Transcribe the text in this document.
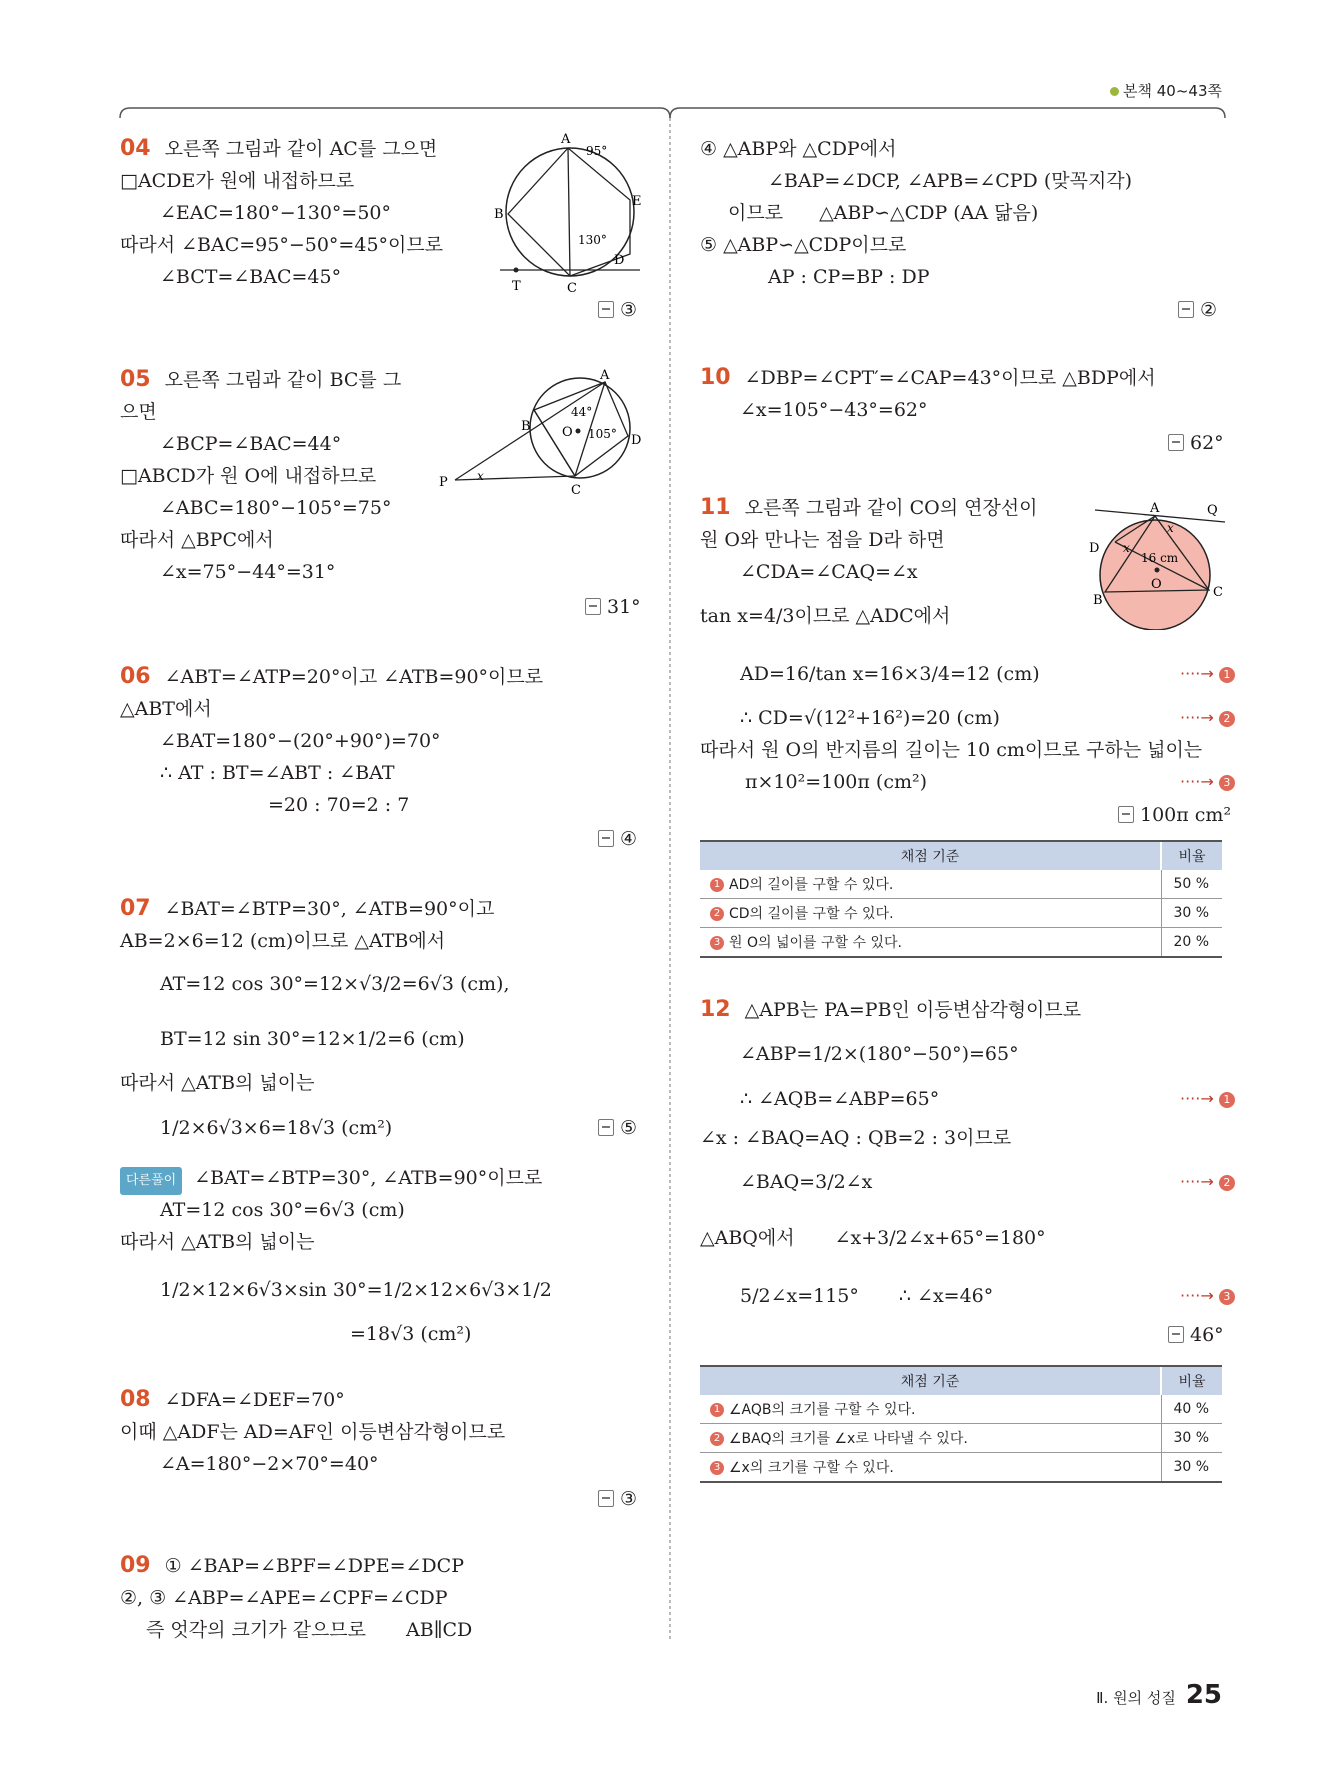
본책 40~43쪽
04 오른쪽 그림과 같이 AC를 그으면
□ACDE가 원에 내접하므로
∠EAC=180°−130°=50°
따라서 ∠BAC=95°−50°=45°이므로
∠BCT=∠BAC=45°
③
A
B
C
D
E
T
95°
130°
05 오른쪽 그림과 같이 BC를 그
으면
∠BCP=∠BAC=44°
□ABCD가 원 O에 내접하므로
∠ABC=180°−105°=75°
따라서 △BPC에서
∠x=75°−44°=31°
31°
A
B
C
D
O
P x
44°
105°
06 ∠ABT=∠ATP=20°이고 ∠ATB=90°이므로
△ABT에서
∠BAT=180°−(20°+90°)=70°
∴ AT : BT=∠ABT : ∠BAT
=20 : 70=2 : 7
④
07 ∠BAT=∠BTP=30°, ∠ATB=90°이고
AB=2×6=12 (cm)이므로 △ATB에서
AT=12 cos 30°=12×√3/2=6√3 (cm),
BT=12 sin 30°=12×1/2=6 (cm)
따라서 △ATB의 넓이는
1/2×6√3×6=18√3 (cm²)	⑤
다른풀이 ∠BAT=∠BTP=30°, ∠ATB=90°이므로
AT=12 cos 30°=6√3 (cm)
따라서 △ATB의 넓이는
1/2×12×6√3×sin 30°=1/2×12×6√3×1/2
=18√3 (cm²)
08 ∠DFA=∠DEF=70°
이때 △ADF는 AD=AF인 이등변삼각형이므로
∠A=180°−2×70°=40°
③
09 ① ∠BAP=∠BPF=∠DPE=∠DCP
②, ③ ∠ABP=∠APE=∠CPF=∠CDP
즉 엇각의 크기가 같으므로 AB∥CD
④ △ABP와 △CDP에서
∠BAP=∠DCP, ∠APB=∠CPD (맞꼭지각)
이므로 △ABP∽△CDP (AA 닮음)
⑤ △ABP∽△CDP이므로
AP : CP=BP : DP
②
10 ∠DBP=∠CPT′=∠CAP=43°이므로 △BDP에서
∠x=105°−43°=62°
62°
11 오른쪽 그림과 같이 CO의 연장선이
원 O와 만나는 점을 D라 하면
∠CDA=∠CAQ=∠x
tan x=4/3이므로 △ADC에서
AD=16/tan x=16×3/4=12 (cm)	····→ 1
∴ CD=√(12²+16²)=20 (cm)	····→ 2
따라서 원 O의 반지름의 길이는 10 cm이므로 구하는 넓이는
π×10²=100π (cm²)	····→ 3
100π cm²
A
B
C
D
O
Q
x
x
16 cm
채점 기준	비율
1 AD의 길이를 구할 수 있다.	50 %
2 CD의 길이를 구할 수 있다.	30 %
3 원 O의 넓이를 구할 수 있다.	20 %
12 △APB는 PA=PB인 이등변삼각형이므로
∠ABP=1/2×(180°−50°)=65°
∴ ∠AQB=∠ABP=65°	····→ 1
∠x : ∠BAQ=AQ : QB=2 : 3이므로
∠BAQ=3/2∠x	····→ 2
△ABQ에서 ∠x+3/2∠x+65°=180°
5/2∠x=115° ∴ ∠x=46°	····→ 3
46°
채점 기준	비율
1 ∠AQB의 크기를 구할 수 있다.	40 %
2 ∠BAQ의 크기를 ∠x로 나타낼 수 있다.	30 %
3 ∠x의 크기를 구할 수 있다.	30 %
Ⅱ. 원의 성질 25
